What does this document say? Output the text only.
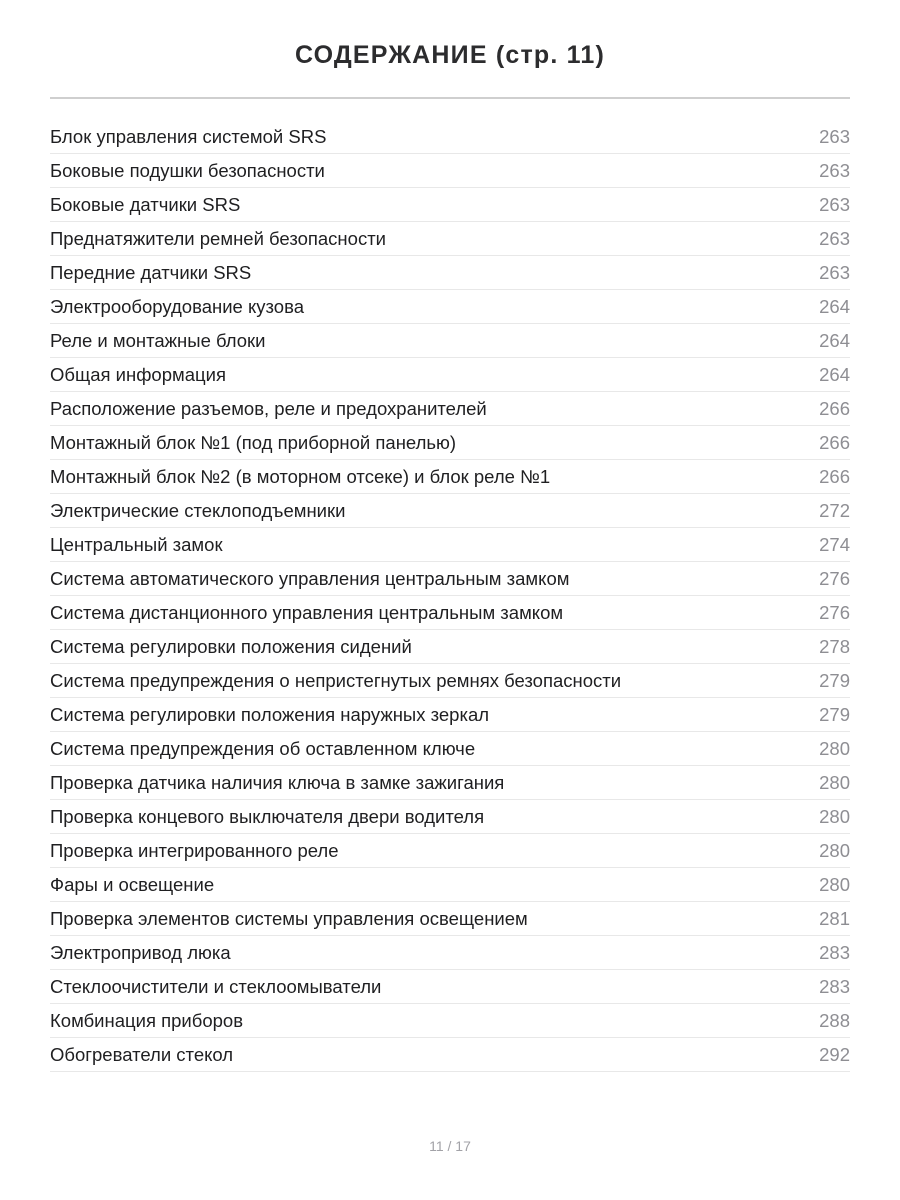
СОДЕРЖАНИЕ (стр. 11)
Блок управления системой SRS	263
Боковые подушки безопасности	263
Боковые датчики SRS	263
Преднатяжители ремней безопасности	263
Передние датчики SRS	263
Электрооборудование кузова	264
Реле и монтажные блоки	264
Общая информация	264
Расположение разъемов, реле и предохранителей	266
Монтажный блок №1 (под приборной панелью)	266
Монтажный блок №2 (в моторном отсеке) и блок реле №1	266
Электрические стеклоподъемники	272
Центральный замок	274
Система автоматического управления центральным замком	276
Система дистанционного управления центральным замком	276
Система регулировки положения сидений	278
Система предупреждения о непристегнутых ремнях безопасности	279
Система регулировки положения наружных зеркал	279
Система предупреждения об оставленном ключе	280
Проверка датчика наличия ключа в замке зажигания	280
Проверка концевого выключателя двери водителя	280
Проверка интегрированного реле	280
Фары и освещение	280
Проверка элементов системы управления освещением	281
Электропривод люка	283
Стеклоочистители и стеклоомыватели	283
Комбинация приборов	288
Обогреватели стекол	292
11 / 17
